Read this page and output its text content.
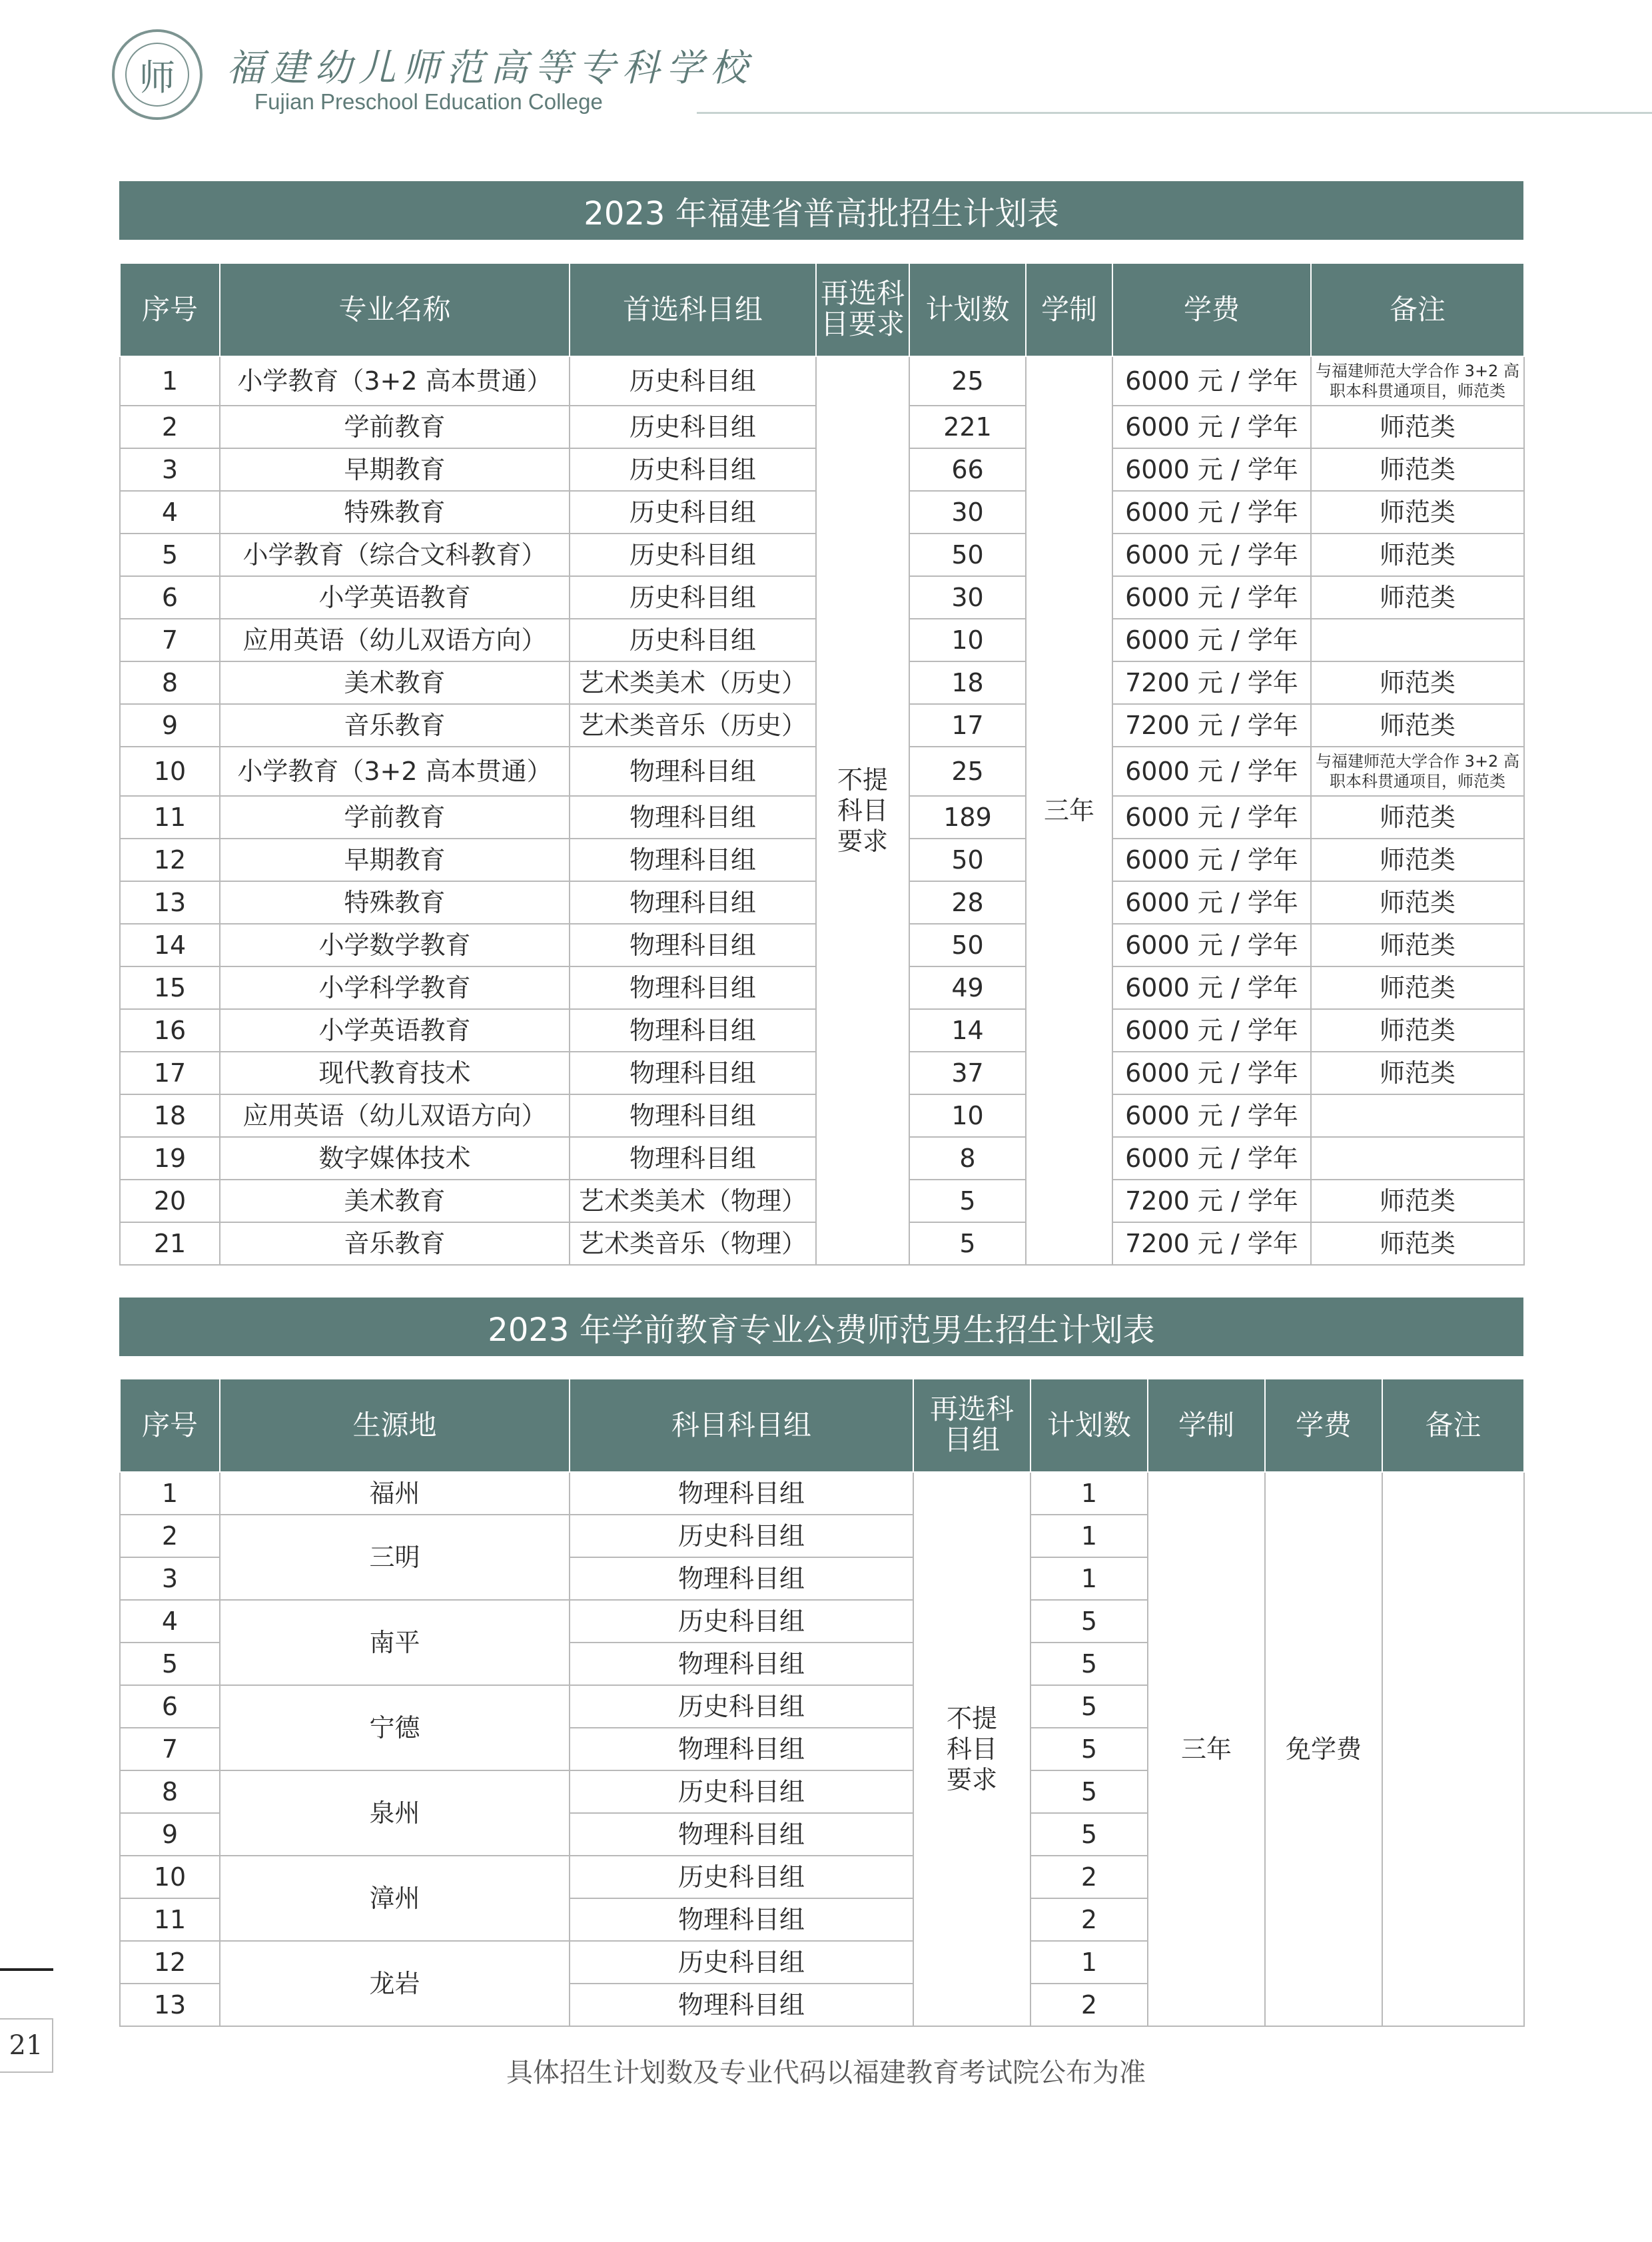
师	福建幼儿师范高等专科学校
Fujian Preschool Education College
2023 年福建省普高批招生计划表
序号	专业名称	首选科目组	再选科目要求	计划数	学制	学费	备注
1	小学教育（3+2 高本贯通）	历史科目组	不提科目要求	25	三年	6000 元 / 学年	与福建师范大学合作 3+2 高职本科贯通项目，师范类
2	学前教育	历史科目组		221		6000 元 / 学年	师范类
3	早期教育	历史科目组		66		6000 元 / 学年	师范类
4	特殊教育	历史科目组		30		6000 元 / 学年	师范类
5	小学教育（综合文科教育）	历史科目组		50		6000 元 / 学年	师范类
6	小学英语教育	历史科目组		30		6000 元 / 学年	师范类
7	应用英语（幼儿双语方向）	历史科目组		10		6000 元 / 学年	
8	美术教育	艺术类美术（历史）		18		7200 元 / 学年	师范类
9	音乐教育	艺术类音乐（历史）		17		7200 元 / 学年	师范类
10	小学教育（3+2 高本贯通）	物理科目组		25		6000 元 / 学年	与福建师范大学合作 3+2 高职本科贯通项目，师范类
11	学前教育	物理科目组		189		6000 元 / 学年	师范类
12	早期教育	物理科目组		50		6000 元 / 学年	师范类
13	特殊教育	物理科目组		28		6000 元 / 学年	师范类
14	小学数学教育	物理科目组		50		6000 元 / 学年	师范类
15	小学科学教育	物理科目组		49		6000 元 / 学年	师范类
16	小学英语教育	物理科目组		14		6000 元 / 学年	师范类
17	现代教育技术	物理科目组		37		6000 元 / 学年	师范类
18	应用英语（幼儿双语方向）	物理科目组		10		6000 元 / 学年	
19	数字媒体技术	物理科目组		8		6000 元 / 学年	
20	美术教育	艺术类美术（物理）		5		7200 元 / 学年	师范类
21	音乐教育	艺术类音乐（物理）		5		7200 元 / 学年	师范类
2023 年学前教育专业公费师范男生招生计划表
序号	生源地	科目科目组	再选科目组	计划数	学制	学费	备注
1	福州	物理科目组	不提科目要求	1	三年	免学费	
2	三明	历史科目组		1			
3		物理科目组		1			
4	南平	历史科目组		5			
5		物理科目组		5			
6	宁德	历史科目组		5			
7		物理科目组		5			
8	泉州	历史科目组		5			
9		物理科目组		5			
10	漳州	历史科目组		2			
11		物理科目组		2			
12	龙岩	历史科目组		1			
13		物理科目组		2			
具体招生计划数及专业代码以福建教育考试院公布为准
21
